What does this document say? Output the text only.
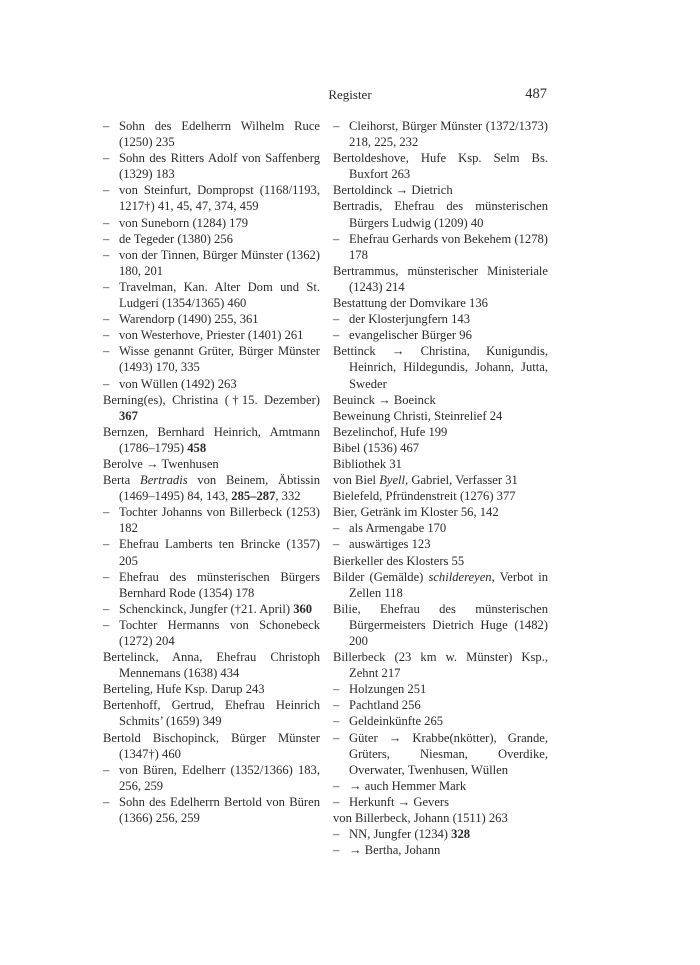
Register	487
– Sohn des Edelherrn Wilhelm Ruce (1250) 235
– Sohn des Ritters Adolf von Saffenberg (1329) 183
– von Steinfurt, Dompropst (1168/1193, 1217†) 41, 45, 47, 374, 459
– von Suneborn (1284) 179
– de Tegeder (1380) 256
– von der Tinnen, Bürger Münster (1362) 180, 201
– Travelman, Kan. Alter Dom und St. Ludgeri (1354/1365) 460
– Warendorp (1490) 255, 361
– von Westerhove, Priester (1401) 261
– Wisse genannt Grüter, Bürger Münster (1493) 170, 335
– von Wüllen (1492) 263
Berning(es), Christina (†15. Dezember) 367
Bernzen, Bernhard Heinrich, Amtmann (1786–1795) 458
Berolve → Twenhusen
Berta Bertradis von Beinem, Äbtissin (1469–1495) 84, 143, 285–287, 332
– Tochter Johanns von Billerbeck (1253) 182
– Ehefrau Lamberts ten Brincke (1357) 205
– Ehefrau des münsterischen Bürgers Bernhard Rode (1354) 178
– Schenckinck, Jungfer (†21. April) 360
– Tochter Hermanns von Schonebeck (1272) 204
Bertelinck, Anna, Ehefrau Christoph Mennemans (1638) 434
Berteling, Hufe Ksp. Darup 243
Bertenhoff, Gertrud, Ehefrau Heinrich Schmits’ (1659) 349
Bertold Bischopinck, Bürger Münster (1347†) 460
– von Büren, Edelherr (1352/1366) 183, 256, 259
– Sohn des Edelherrn Bertold von Büren (1366) 256, 259
– Cleihorst, Bürger Münster (1372/1373) 218, 225, 232
Bertoldeshove, Hufe Ksp. Selm Bs. Buxfort 263
Bertoldinck → Dietrich
Bertradis, Ehefrau des münsterischen Bürgers Ludwig (1209) 40
– Ehefrau Gerhards von Bekehem (1278) 178
Bertrammus, münsterischer Ministeriale (1243) 214
Bestattung der Domvikare 136
– der Klosterjungfern 143
– evangelischer Bürger 96
Bettinck → Christina, Kunigundis, Heinrich, Hildegundis, Johann, Jutta, Sweder
Beuinck → Boeinck
Beweinung Christi, Steinrelief 24
Bezelinchof, Hufe 199
Bibel (1536) 467
Bibliothek 31
von Biel Byell, Gabriel, Verfasser 31
Bielefeld, Pfründenstreit (1276) 377
Bier, Getränk im Kloster 56, 142
– als Armengabe 170
– auswärtiges 123
Bierkeller des Klosters 55
Bilder (Gemälde) schildereyen, Verbot in Zellen 118
Bilie, Ehefrau des münsterischen Bürgermeisters Dietrich Huge (1482) 200
Billerbeck (23 km w. Münster) Ksp., Zehnt 217
– Holzungen 251
– Pachtland 256
– Geldeinkünfte 265
– Güter → Krabbe(nkötter), Grande, Grüters, Niesman, Overdike, Overwater, Twenhusen, Wüllen
– → auch Hemmer Mark
– Herkunft → Gevers
von Billerbeck, Johann (1511) 263
– NN, Jungfer (1234) 328
– → Bertha, Johann
